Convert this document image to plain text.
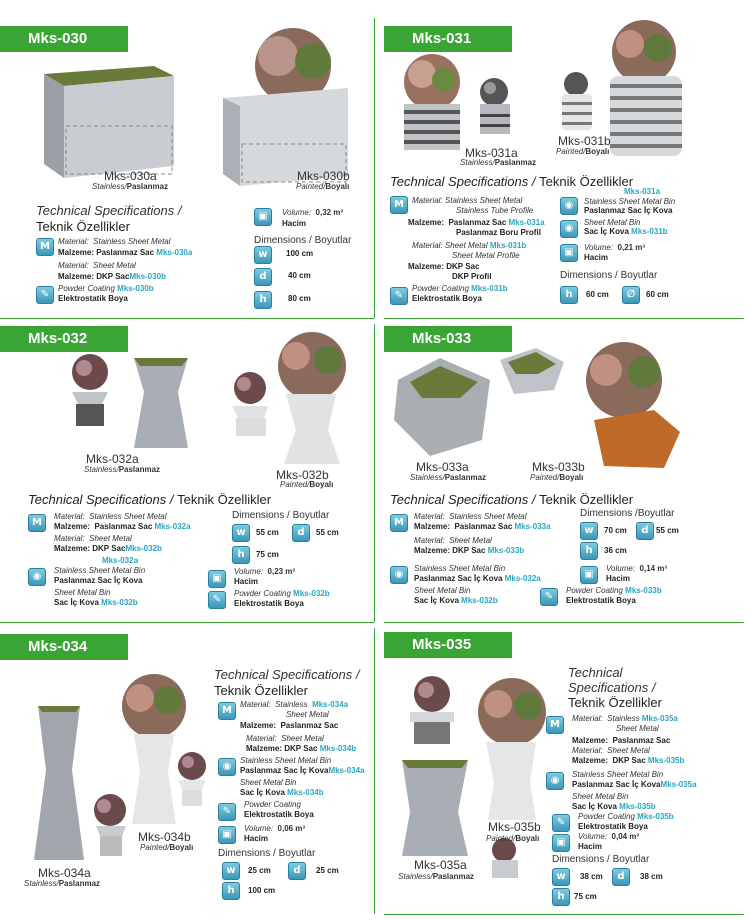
Mks-030
Mks-030a
Stainless/Paslanmaz
Mks-030b
Painted/Boyalı
Technical Specifications /
Teknik Özellikler
M	Material: Stainless Sheet Metal
Malzeme: Paslanmaz Sac Mks-030a
Material: Sheet Metal
Malzeme: DKP SacMks-030b
✎
Powder Coating Mks-030b
Elektrostatik Boya
▣	Volume: 0,32 m³
Hacim
Dimensions / Boyutlar
w	100 cm
d	40 cm
h	80 cm
Mks-031
Mks-031a
Stainless/Paslanmaz
Mks-031b
Painted/Boyalı
Technical Specifications / Teknik Özellikler
M	Material: Stainless Sheet Metal
Stainless Tube Profile
Malzeme: Paslanmaz Sac Mks-031a
Paslanmaz Boru Profil
Material: Sheet Metal Mks-031b
Sheet Metal Profile
Malzeme: DKP Sac
DKP Profil
✎
Powder Coating Mks-031b
Elektrostatik Boya
Mks-031a
◉	Stainless Sheet Metal Bin
Paslanmaz Sac İç Kova
◉
Sheet Metal Bin
Sac İç Kova Mks-031b
▣	Volume: 0,21 m³
Hacim
Dimensions / Boyutlar
h	60 cm	∅	60 cm
Mks-032
Mks-032a
Stainless/Paslanmaz	Mks-032b
Painted/Boyalı
Technical Specifications / Teknik Özellikler
M
Material: Stainless Sheet Metal
Malzeme: Paslanmaz Sac Mks-032a
Material: Sheet Metal
Malzeme: DKP SacMks-032b
Mks-032a
◉
Stainless Sheet Metal Bin
Paslanmaz Sac İç Kova
Sheet Metal Bin
Sac İç Kova Mks-032b
Dimensions / Boyutlar
w	55 cm	d	55 cm
h	75 cm
▣
Volume: 0,23 m³
Hacim
✎
Powder Coating Mks-032b
Elektrostatik Boya
Mks-033
Mks-033a
Stainless/Paslanmaz
Mks-033b
Painted/Boyalı
Technical Specifications / Teknik Özellikler
M
Material: Stainless Sheet Metal
Malzeme: Paslanmaz Sac Mks-033a
Material: Sheet Metal
Malzeme: DKP Sac Mks-033b
◉
Stainless Sheet Metal Bin
Paslanmaz Sac İç Kova Mks-032a
Sheet Metal Bin
Sac İç Kova Mks-032b
Dimensions /Boyutlar
w	70 cm	d 55 cm
h	36 cm
▣
Volume: 0,14 m³
Hacim
✎
Powder Coating Mks-033b
Elektrostatik Boya
Mks-034
Mks-034a
Stainless/Paslanmaz
Mks-034b
Painted/Boyalı
Technical Specifications /
Teknik Özellikler
M
Material: Stainless Mks-034a
Sheet Metal
Malzeme: Paslanmaz Sac
Material: Sheet Metal
Malzeme: DKP Sac Mks-034b
◉
Stainless Sheet Metal Bin
Paslanmaz Sac İç KovaMks-034a
Sheet Metal Bin
Sac İç Kova Mks-034b
✎
Powder Coating
Elektrostatik Boya
▣
Volume: 0,06 m³
Hacim
Dimensions / Boyutlar
w	25 cm	d	25 cm
h	100 cm
Mks-035
Mks-035a
Stainless/Paslanmaz
Mks-035b
Painted/Boyalı
Technical
Specifications /
Teknik Özellikler
M
Material: Stainless Mks-035a
Sheet Metal
Malzeme: Paslanmaz Sac
Material: Sheet Metal
Malzeme: DKP Sac Mks-035b
◉
Stainless Sheet Metal Bin
Paslanmaz Sac İç KovaMks-035a
Sheet Metal Bin
Sac İç Kova Mks-035b
✎
Powder Coating Mks-035b
Elektrostatik Boya
▣
Volume: 0,04 m³
Hacim
Dimensions / Boyutlar
w	38 cm	d	38 cm
h	75 cm
